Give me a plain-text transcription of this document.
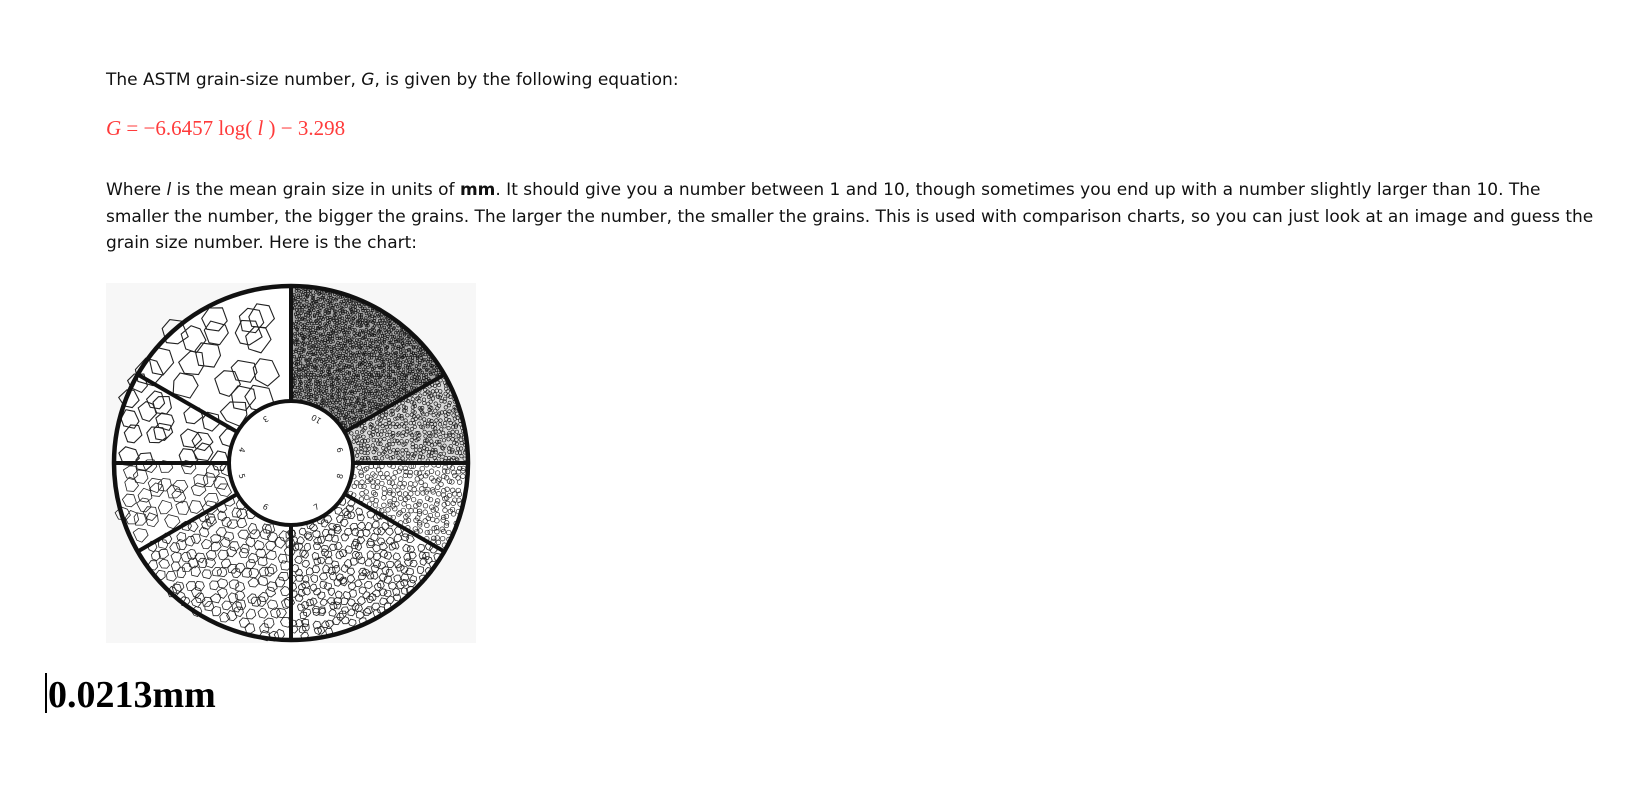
The ASTM grain-size number, G, is given by the following equation:
G = −6.6457 log( l ) − 3.298
Where l is the mean grain size in units of mm. It should give you a number between 1 and 10, though sometimes you end up with a number slightly larger than 10. The smaller the number, the bigger the grains. The larger the number, the smaller the grains. This is used with comparison charts, so you can just look at an image and guess the grain size number. Here is the chart:
3
4
5
6	7
8
9
10
0.0213mm
